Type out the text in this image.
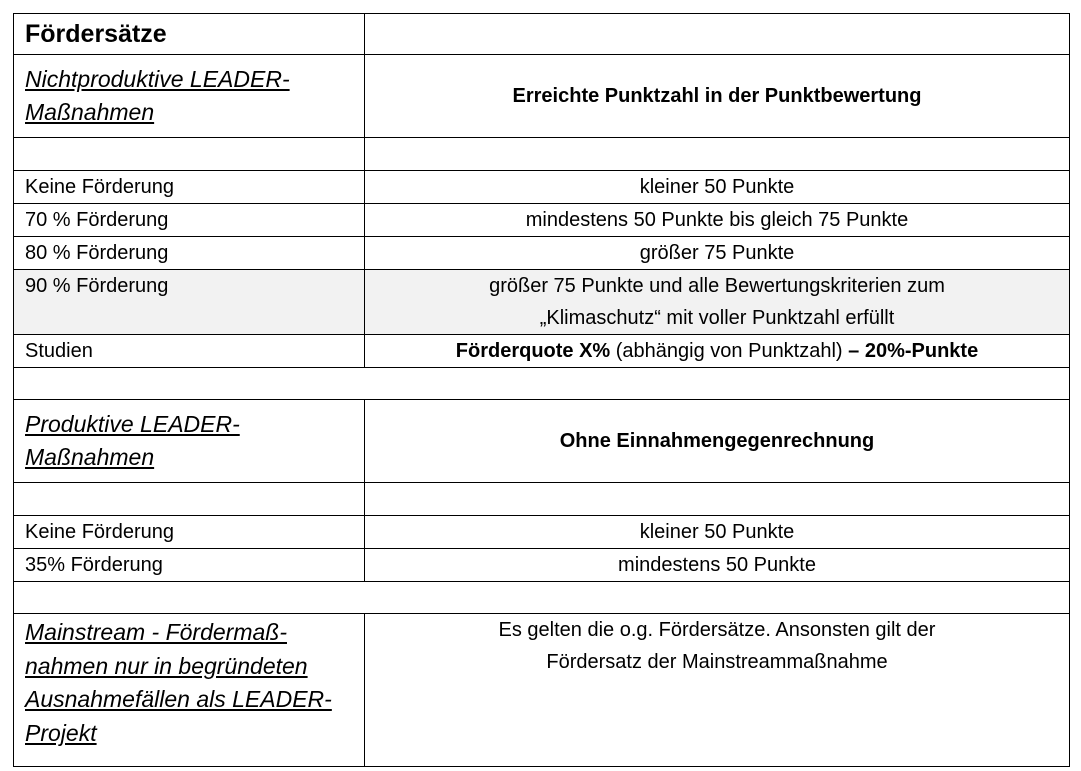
Fördersätze	
Nichtproduktive LEADER-Maßnahmen	Erreichte Punktzahl in der Punktbewertung

Keine Förderung	kleiner 50 Punkte
70 % Förderung	mindestens 50 Punkte bis gleich 75 Punkte
80 % Förderung	größer 75 Punkte
90 % Förderung	größer 75 Punkte und alle Bewertungskriterien zum
„Klimaschutz“ mit voller Punktzahl erfüllt

Studien	Förderquote X% (abhängig von Punktzahl) – 20%-Punkte

Produktive LEADER-Maßnahmen	Ohne Einnahmengegenrechnung

Keine Förderung	kleiner 50 Punkte
35% Förderung	mindestens 50 Punkte

Mainstream - Fördermaß-nahmen nur in begründeten Ausnahmefällen als LEADER-Projekt	Es gelten die o.g. Fördersätze. Ansonsten gilt der
Fördersatz der Mainstreammaßnahme
